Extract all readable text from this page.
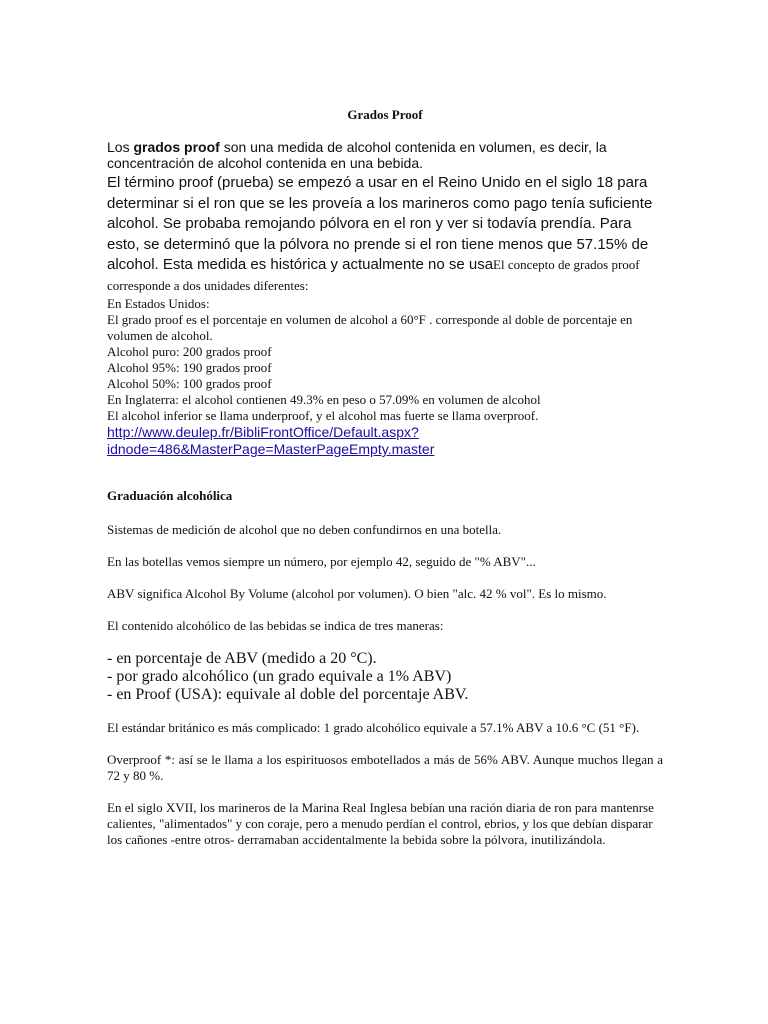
Grados Proof

Los grados proof son una medida de alcohol contenida en volumen, es decir, la concentración de alcohol contenida en una bebida.

El término proof (prueba) se empezó a usar en el Reino Unido en el siglo 18 para determinar si el ron que se les proveía a los marineros como pago tenía suficiente alcohol. Se probaba remojando pólvora en el ron y ver si todavía prendía. Para esto, se determinó que la pólvora no prende si el ron tiene menos que 57.15% de alcohol. Esta medida es histórica y actualmente no se usaEl concepto de grados proof corresponde a dos unidades diferentes:

En Estados Unidos:
El grado proof es el porcentaje en volumen de alcohol a 60°F . corresponde al doble de porcentaje en volumen de alcohol.
Alcohol puro: 200 grados proof
Alcohol 95%: 190 grados proof
Alcohol 50%: 100 grados proof
En Inglaterra: el alcohol contienen 49.3% en peso o 57.09% en volumen de alcohol
El alcohol inferior se llama underproof, y el alcohol mas fuerte se llama overproof.
http://www.deulep.fr/BibliFrontOffice/Default.aspx?
idnode=486&MasterPage=MasterPageEmpty.master
Graduación alcohólica

Sistemas de medición de alcohol que no deben confundirnos en una botella.

En las botellas vemos siempre un número, por ejemplo 42, seguido de "% ABV"...

ABV significa Alcohol By Volume (alcohol por volumen). O bien "alc. 42 % vol". Es lo mismo.

El contenido alcohólico de las bebidas se indica de tres maneras:

- en porcentaje de ABV (medido a 20 °C).
- por grado alcohólico (un grado equivale a 1% ABV)
- en Proof (USA): equivale al doble del porcentaje ABV.

El estándar británico es más complicado: 1 grado alcohólico equivale a 57.1% ABV a 10.6 °C (51 °F).

Overproof *: así se le llama a los espirituosos embotellados a más de 56% ABV. Aunque muchos llegan a 72 y 80 %.

En el siglo XVII, los marineros de la Marina Real Inglesa bebían una ración diaria de ron para mantenrse calientes, "alimentados" y con coraje, pero a menudo perdían el control, ebrios, y los que debían disparar los cañones -entre otros- derramaban accidentalmente la bebida sobre la pólvora, inutilizándola.
